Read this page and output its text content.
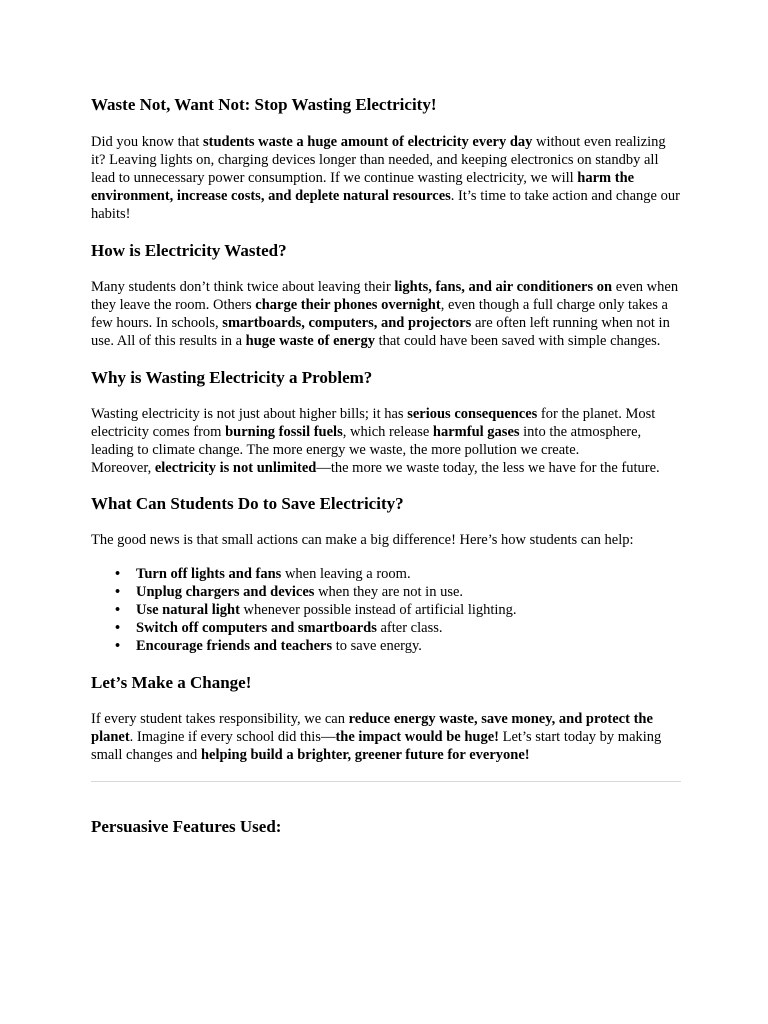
Waste Not, Want Not: Stop Wasting Electricity!

Did you know that students waste a huge amount of electricity every day without even realizing it? Leaving lights on, charging devices longer than needed, and keeping electronics on standby all lead to unnecessary power consumption. If we continue wasting electricity, we will harm the environment, increase costs, and deplete natural resources. It’s time to take action and change our habits!

How is Electricity Wasted?

Many students don’t think twice about leaving their lights, fans, and air conditioners on even when they leave the room. Others charge their phones overnight, even though a full charge only takes a few hours. In schools, smartboards, computers, and projectors are often left running when not in use. All of this results in a huge waste of energy that could have been saved with simple changes.

Why is Wasting Electricity a Problem?

Wasting electricity is not just about higher bills; it has serious consequences for the planet. Most electricity comes from burning fossil fuels, which release harmful gases into the atmosphere, leading to climate change. The more energy we waste, the more pollution we create.
Moreover, electricity is not unlimited—the more we waste today, the less we have for the future.

What Can Students Do to Save Electricity?

The good news is that small actions can make a big difference! Here’s how students can help:

• Turn off lights and fans when leaving a room.
• Unplug chargers and devices when they are not in use.
• Use natural light whenever possible instead of artificial lighting.
• Switch off computers and smartboards after class.
• Encourage friends and teachers to save energy.
Let’s Make a Change!

If every student takes responsibility, we can reduce energy waste, save money, and protect the planet. Imagine if every school did this—the impact would be huge! Let’s start today by making small changes and helping build a brighter, greener future for everyone!

Persuasive Features Used:
